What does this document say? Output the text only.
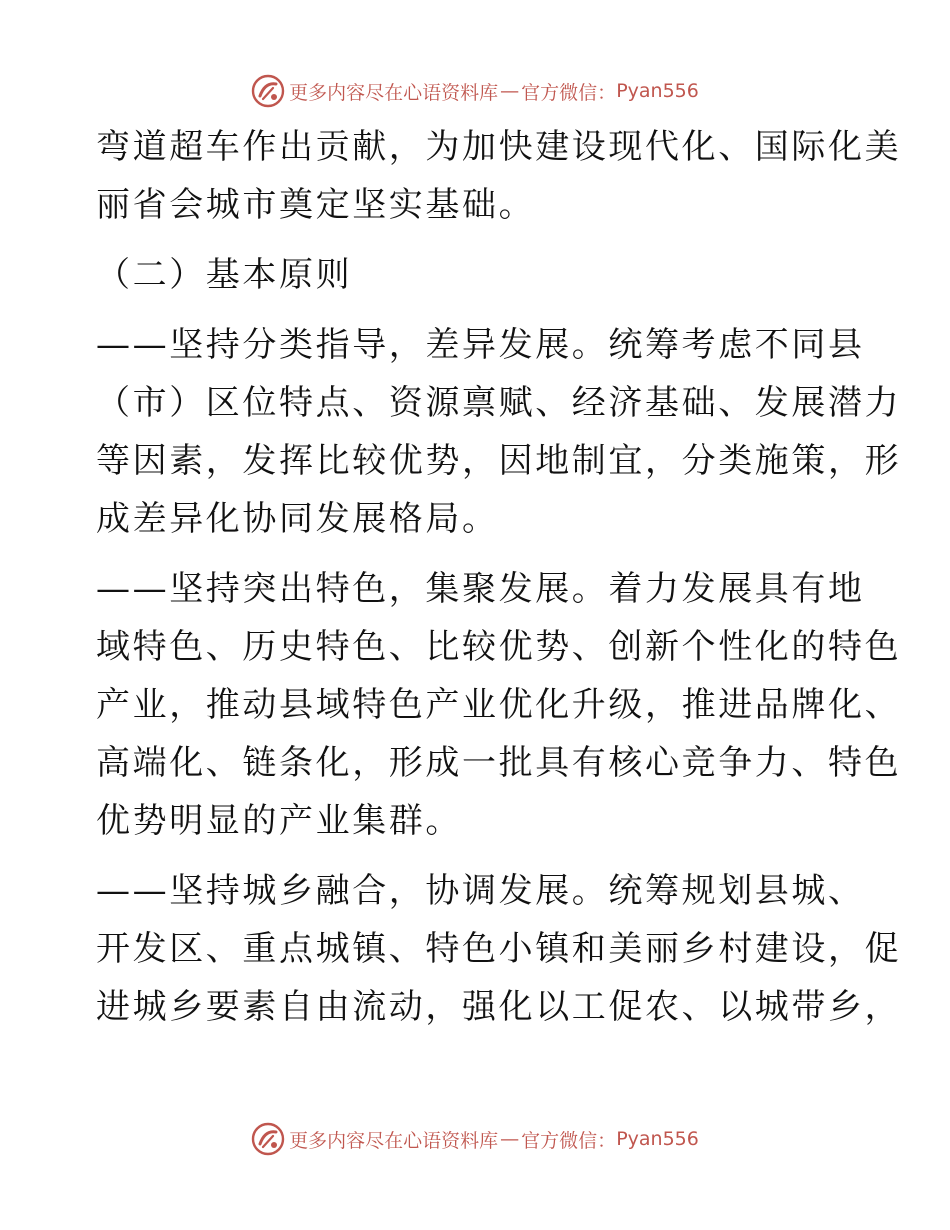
更多内容尽在心语资料库 — 官方微信： Pyan556
弯道超车作出贡献，为加快建设现代化、国际化美
丽省会城市奠定坚实基础。
（二）基本原则
——坚持分类指导，差异发展。统筹考虑不同县
（市）区位特点、资源禀赋、经济基础、发展潜力
等因素，发挥比较优势，因地制宜，分类施策，形
成差异化协同发展格局。
——坚持突出特色，集聚发展。着力发展具有地
域特色、历史特色、比较优势、创新个性化的特色
产业，推动县域特色产业优化升级，推进品牌化、
高端化、链条化，形成一批具有核心竞争力、特色
优势明显的产业集群。
——坚持城乡融合，协调发展。统筹规划县城、
开发区、重点城镇、特色小镇和美丽乡村建设，促
进城乡要素自由流动，强化以工促农、以城带乡，
更多内容尽在心语资料库 — 官方微信： Pyan556
